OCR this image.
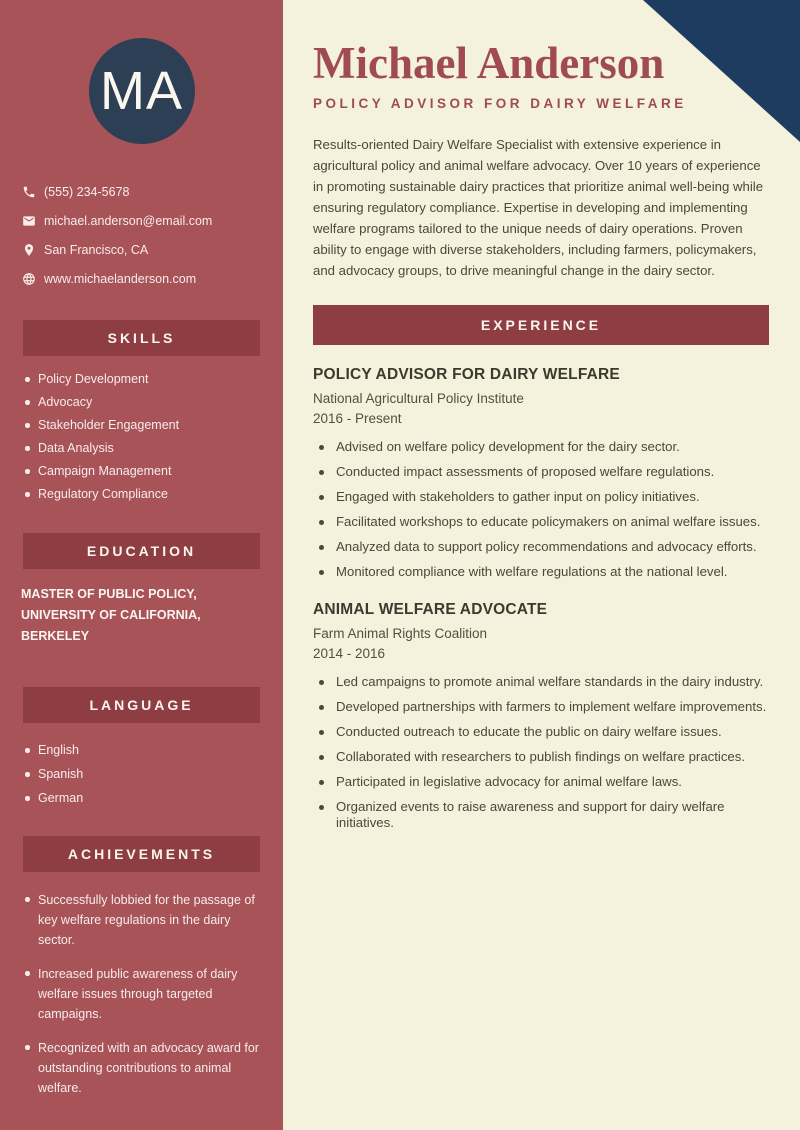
MA
(555) 234-5678
michael.anderson@email.com
San Francisco, CA
www.michaelanderson.com
SKILLS
Policy Development
Advocacy
Stakeholder Engagement
Data Analysis
Campaign Management
Regulatory Compliance
EDUCATION
MASTER OF PUBLIC POLICY, UNIVERSITY OF CALIFORNIA, BERKELEY
LANGUAGE
English
Spanish
German
ACHIEVEMENTS
Successfully lobbied for the passage of key welfare regulations in the dairy sector.
Increased public awareness of dairy welfare issues through targeted campaigns.
Recognized with an advocacy award for outstanding contributions to animal welfare.
Michael Anderson
POLICY ADVISOR FOR DAIRY WELFARE

Results-oriented Dairy Welfare Specialist with extensive experience in agricultural policy and animal welfare advocacy. Over 10 years of experience in promoting sustainable dairy practices that prioritize animal well-being while ensuring regulatory compliance. Expertise in developing and implementing welfare programs tailored to the unique needs of dairy operations. Proven ability to engage with diverse stakeholders, including farmers, policymakers, and advocacy groups, to drive meaningful change in the dairy sector.

EXPERIENCE
POLICY ADVISOR FOR DAIRY WELFARE
National Agricultural Policy Institute
2016 - Present
Advised on welfare policy development for the dairy sector.
Conducted impact assessments of proposed welfare regulations.
Engaged with stakeholders to gather input on policy initiatives.
Facilitated workshops to educate policymakers on animal welfare issues.
Analyzed data to support policy recommendations and advocacy efforts.
Monitored compliance with welfare regulations at the national level.
ANIMAL WELFARE ADVOCATE
Farm Animal Rights Coalition
2014 - 2016
Led campaigns to promote animal welfare standards in the dairy industry.
Developed partnerships with farmers to implement welfare improvements.
Conducted outreach to educate the public on dairy welfare issues.
Collaborated with researchers to publish findings on welfare practices.
Participated in legislative advocacy for animal welfare laws.
Organized events to raise awareness and support for dairy welfare initiatives.
